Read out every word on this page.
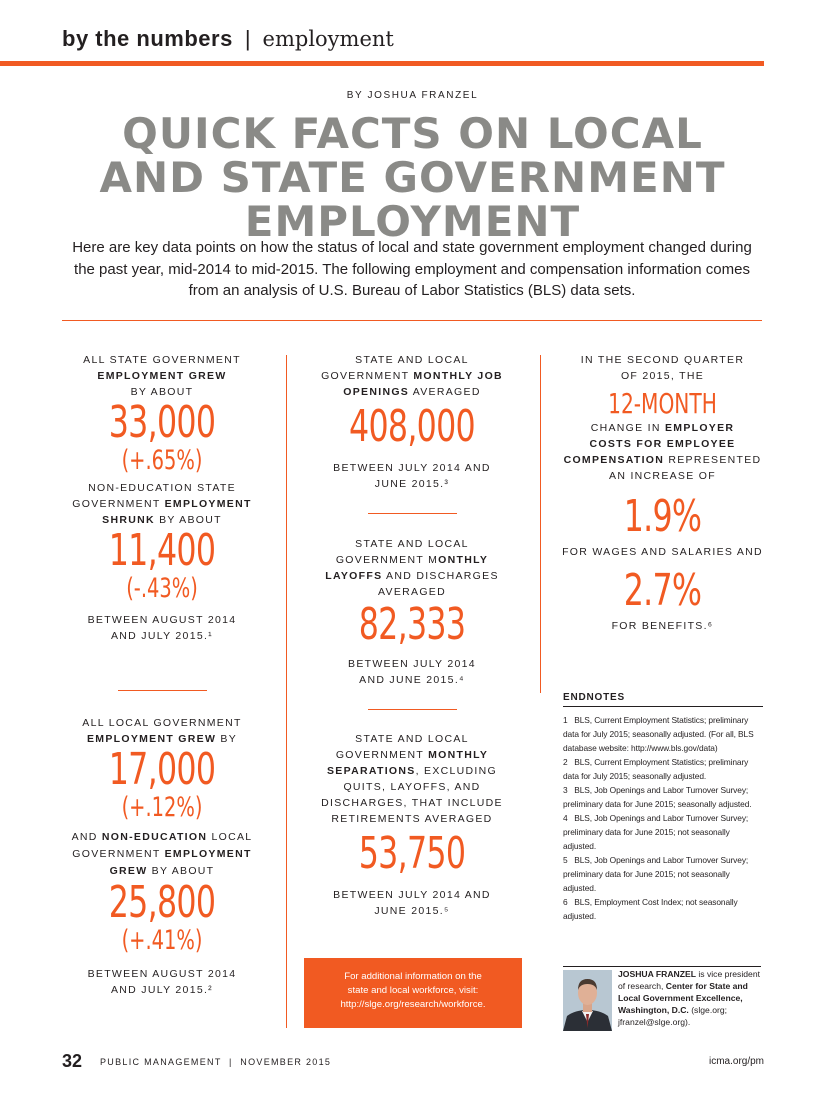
by the numbers | employment
BY JOSHUA FRANZEL
QUICK FACTS ON LOCAL
AND STATE GOVERNMENT
EMPLOYMENT
Here are key data points on how the status of local and state government employment changed during the past year, mid-2014 to mid-2015. The following employment and compensation information comes from an analysis of U.S. Bureau of Labor Statistics (BLS) data sets.
ALL STATE GOVERNMENT
EMPLOYMENT GREW
BY ABOUT
33,000
(+.65%)
NON-EDUCATION STATE
GOVERNMENT EMPLOYMENT
SHRUNK BY ABOUT
11,400
(-.43%)
BETWEEN AUGUST 2014
AND JULY 2015.¹
ALL LOCAL GOVERNMENT
EMPLOYMENT GREW BY
17,000
(+.12%)
AND NON-EDUCATION LOCAL
GOVERNMENT EMPLOYMENT
GREW BY ABOUT
25,800
(+.41%)
BETWEEN AUGUST 2014
AND JULY 2015.²
STATE AND LOCAL
GOVERNMENT MONTHLY JOB
OPENINGS AVERAGED
408,000
BETWEEN JULY 2014 AND
JUNE 2015.³
STATE AND LOCAL
GOVERNMENT MONTHLY
LAYOFFS AND DISCHARGES
AVERAGED
82,333
BETWEEN JULY 2014
AND JUNE 2015.⁴
STATE AND LOCAL
GOVERNMENT MONTHLY
SEPARATIONS, EXCLUDING
QUITS, LAYOFFS, AND
DISCHARGES, THAT INCLUDE
RETIREMENTS AVERAGED
53,750
BETWEEN JULY 2014 AND
JUNE 2015.⁵
For additional information on the
state and local workforce, visit:
http://slge.org/research/workforce.
IN THE SECOND QUARTER
OF 2015, THE
12-MONTH
CHANGE IN EMPLOYER
COSTS FOR EMPLOYEE
COMPENSATION REPRESENTED
AN INCREASE OF
1.9%
FOR WAGES AND SALARIES AND
2.7%
FOR BENEFITS.⁶
ENDNOTES
1   BLS, Current Employment Statistics; preliminary data for July 2015; seasonally adjusted. (For all, BLS database website: http://www.bls.gov/data)
2   BLS, Current Employment Statistics; preliminary data for July 2015; seasonally adjusted.
3   BLS, Job Openings and Labor Turnover Survey; preliminary data for June 2015; seasonally adjusted.
4   BLS, Job Openings and Labor Turnover Survey; preliminary data for June 2015; not seasonally adjusted.
5   BLS, Job Openings and Labor Turnover Survey; preliminary data for June 2015; not seasonally adjusted.
6   BLS, Employment Cost Index; not seasonally adjusted.
JOSHUA FRANZEL is vice president of research, Center for State and Local Government Excellence, Washington, D.C. (slge.org; jfranzel@slge.org).
32 PUBLIC MANAGEMENT  |  NOVEMBER 2015	icma.org/pm
